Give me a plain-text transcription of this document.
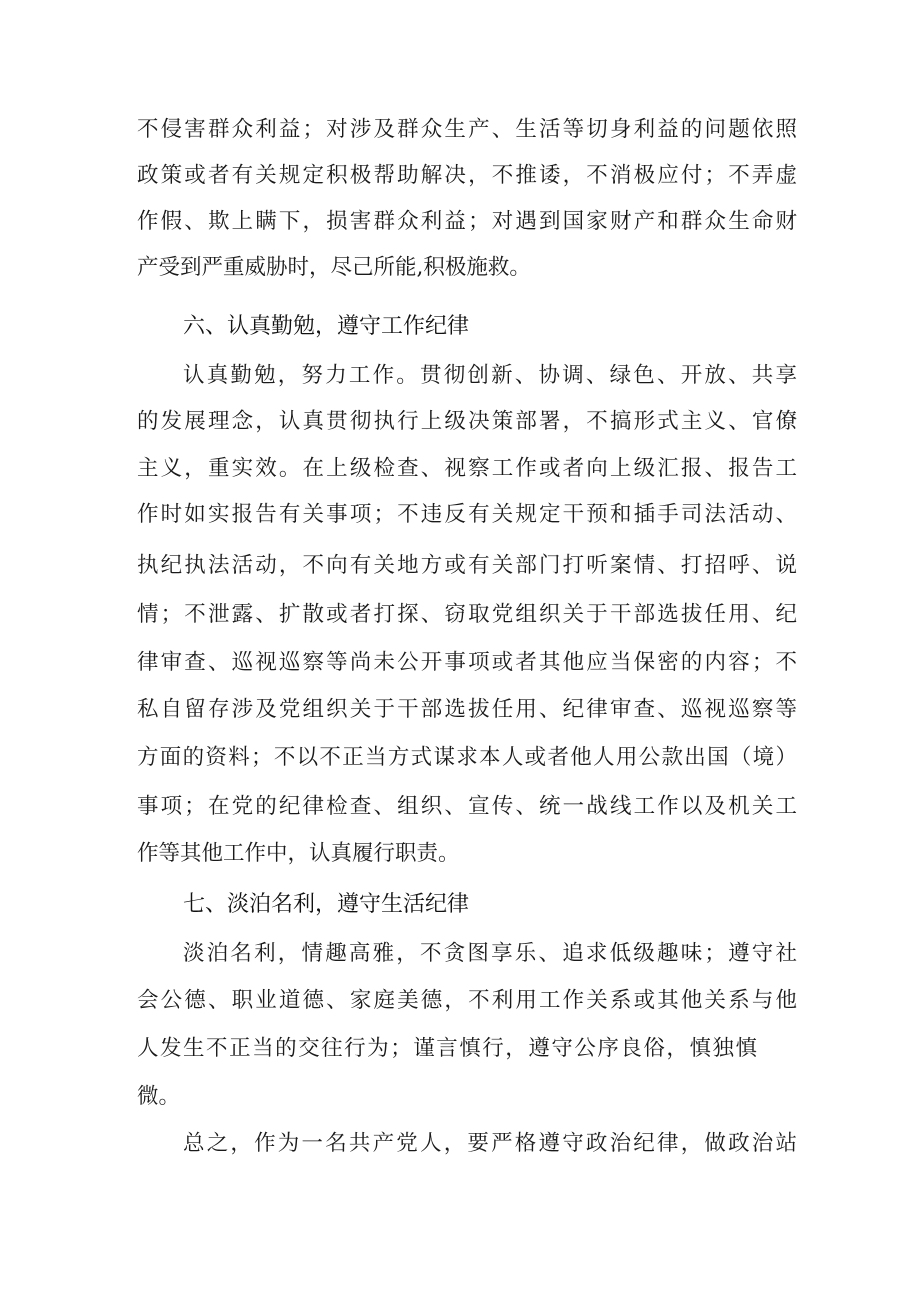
不侵害群众利益；对涉及群众生产、生活等切身利益的问题依照
政策或者有关规定积极帮助解决，不推诿，不消极应付；不弄虚
作假、欺上瞒下，损害群众利益；对遇到国家财产和群众生命财
产受到严重威胁时，尽己所能,积极施救。
六、认真勤勉，遵守工作纪律
认真勤勉，努力工作。贯彻创新、协调、绿色、开放、共享
的发展理念，认真贯彻执行上级决策部署，不搞形式主义、官僚
主义，重实效。在上级检查、视察工作或者向上级汇报、报告工
作时如实报告有关事项；不违反有关规定干预和插手司法活动、
执纪执法活动，不向有关地方或有关部门打听案情、打招呼、说
情；不泄露、扩散或者打探、窃取党组织关于干部选拔任用、纪
律审查、巡视巡察等尚未公开事项或者其他应当保密的内容；不
私自留存涉及党组织关于干部选拔任用、纪律审查、巡视巡察等
方面的资料；不以不正当方式谋求本人或者他人用公款出国（境）
事项；在党的纪律检查、组织、宣传、统一战线工作以及机关工
作等其他工作中，认真履行职责。
七、淡泊名利，遵守生活纪律
淡泊名利，情趣高雅，不贪图享乐、追求低级趣味；遵守社
会公德、职业道德、家庭美德，不利用工作关系或其他关系与他
人发生不正当的交往行为；谨言慎行，遵守公序良俗，慎独慎
微。
总之，作为一名共产党人，要严格遵守政治纪律，做政治站
